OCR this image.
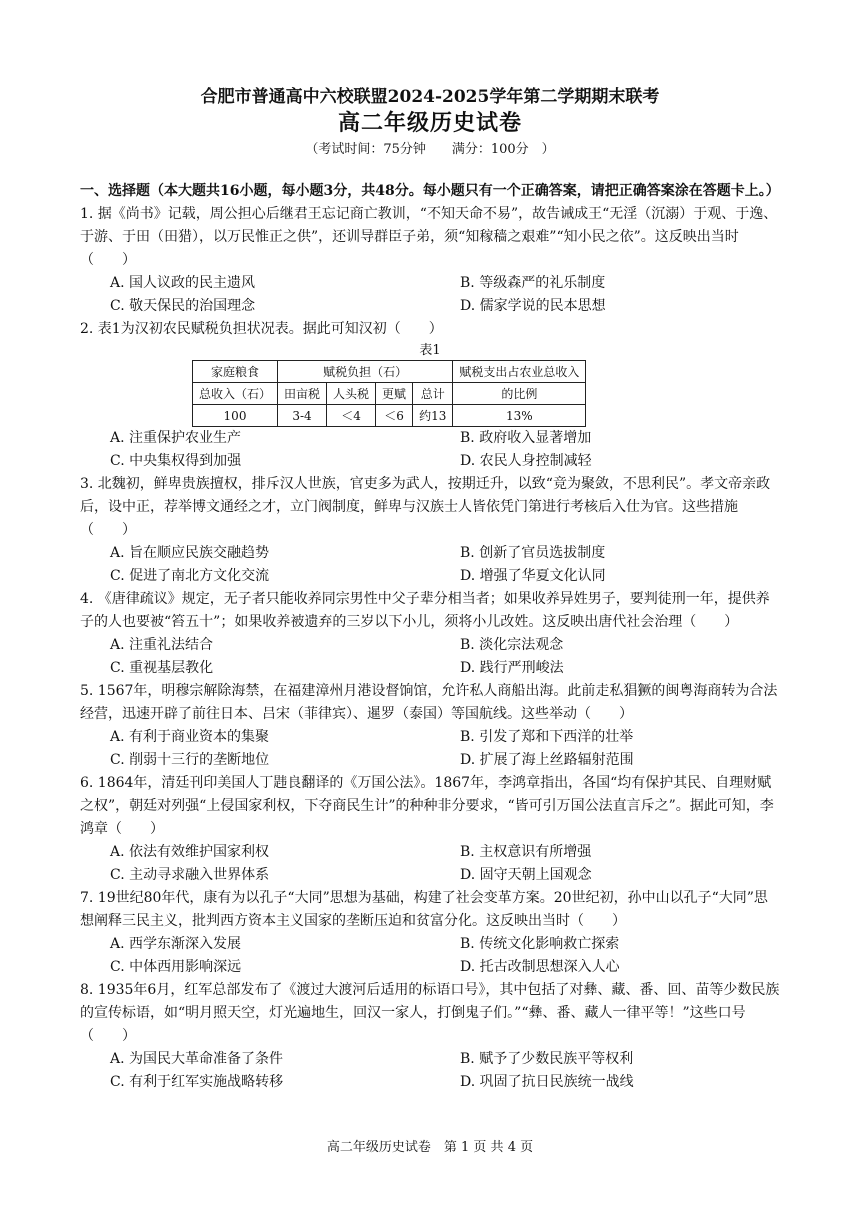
合肥市普通高中六校联盟2024-2025学年第二学期期末联考
高二年级历史试卷
（考试时间：75分钟　　满分：100分　）

一、选择题（本大题共16小题，每小题3分，共48分。每小题只有一个正确答案，请把正确答案涂在答题卡上。）

1. 据《尚书》记载，周公担心后继君王忘记商亡教训，“不知天命不易”，故告诫成王“无淫（沉溺）于观、于逸、于游、于田（田猎），以万民惟正之供”，还训导群臣子弟，须“知稼穑之艰难”“知小民之依”。这反映出当时（　　）

A. 国人议政的民主遗风	B. 等级森严的礼乐制度
C. 敬天保民的治国理念	D. 儒家学说的民本思想

2. 表1为汉初农民赋税负担状况表。据此可知汉初（　　）

表1
家庭粮食	赋税负担（石）				赋税支出占农业总收入
总收入（石）	田亩税	人头税	更赋	总计	的比例
100	3-4	＜4	＜6	约13	13%
A. 注重保护农业生产	B. 政府收入显著增加
C. 中央集权得到加强	D. 农民人身控制减轻

3. 北魏初，鲜卑贵族擅权，排斥汉人世族，官吏多为武人，按期迁升，以致“竞为聚敛，不思利民”。孝文帝亲政后，设中正，荐举博文通经之才，立门阀制度，鲜卑与汉族士人皆依凭门第进行考核后入仕为官。这些措施（　　）

A. 旨在顺应民族交融趋势	B. 创新了官员选拔制度
C. 促进了南北方文化交流	D. 增强了华夏文化认同

4. 《唐律疏议》规定，无子者只能收养同宗男性中父子辈分相当者；如果收养异姓男子，要判徒刑一年，提供养子的人也要被“笞五十”；如果收养被遗弃的三岁以下小儿，须将小儿改姓。这反映出唐代社会治理（　　）

A. 注重礼法结合	B. 淡化宗法观念
C. 重视基层教化	D. 践行严刑峻法

5. 1567年，明穆宗解除海禁，在福建漳州月港设督饷馆，允许私人商船出海。此前走私猖獗的闽粤海商转为合法经营，迅速开辟了前往日本、吕宋（菲律宾）、暹罗（泰国）等国航线。这些举动（　　）

A. 有利于商业资本的集聚	B. 引发了郑和下西洋的壮举
C. 削弱十三行的垄断地位	D. 扩展了海上丝路辐射范围

6. 1864年，清廷刊印美国人丁韪良翻译的《万国公法》。1867年，李鸿章指出，各国“均有保护其民、自理财赋之权”，朝廷对列强“上侵国家利权，下夺商民生计”的种种非分要求，“皆可引万国公法直言斥之”。据此可知，李鸿章（　　）

A. 依法有效维护国家利权	B. 主权意识有所增强
C. 主动寻求融入世界体系	D. 固守天朝上国观念

7. 19世纪80年代，康有为以孔子“大同”思想为基础，构建了社会变革方案。20世纪初，孙中山以孔子“大同”思想阐释三民主义，批判西方资本主义国家的垄断压迫和贫富分化。这反映出当时（　　）

A. 西学东渐深入发展	B. 传统文化影响救亡探索
C. 中体西用影响深远	D. 托古改制思想深入人心

8. 1935年6月，红军总部发布了《渡过大渡河后适用的标语口号》，其中包括了对彝、藏、番、回、苗等少数民族的宣传标语，如“明月照天空，灯光遍地生，回汉一家人，打倒鬼子们。”“彝、番、藏人一律平等！”这些口号（　　）

A. 为国民大革命准备了条件	B. 赋予了少数民族平等权利
C. 有利于红军实施战略转移	D. 巩固了抗日民族统一战线
高二年级历史试卷　第 1 页 共 4 页
